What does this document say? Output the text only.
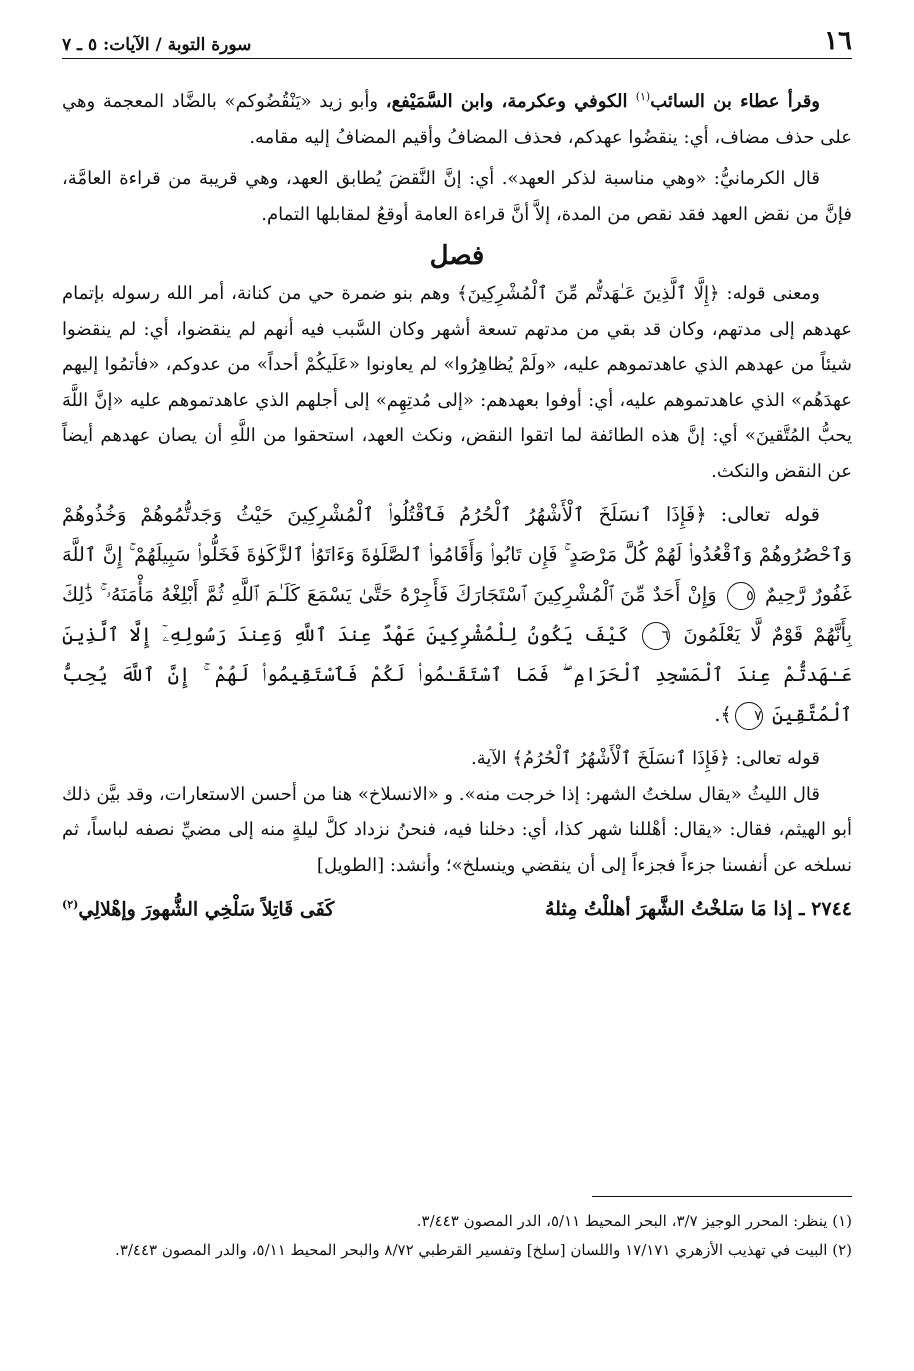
١٦
سورة التوبة / الآيات: ٥ ـ ٧

وقرأ عطاء بن السائب$^{(١)}$ الكوفي وعكرمة، وابن السَّمَيْفع، وأبو زيد «يَنْقُضُوكم» بالضَّاد المعجمة وهي على حذف مضاف، أي: ينقضُوا عهدكم، فحذف المضافُ وأقيم المضافُ إليه مقامه.

قال الكرمانيُّ: «وهي مناسبة لذكر العهد». أي: إنَّ النَّقضَ يُطابق العهد، وهي قريبة من قراءة العامَّة، فإنَّ من نقض العهد فقد نقص من المدة، إلاَّ أنَّ قراءة العامة أوقعُ لمقابلها التمام.

فصل

ومعنى قوله: ﴿إِلَّا ٱلَّذِينَ عَـٰهَدتُّم مِّنَ ٱلْمُشْرِكِينَ﴾ وهم بنو ضمرة حي من كنانة، أمر الله رسوله بإتمام عهدهم إلى مدتهم، وكان قد بقي من مدتهم تسعة أشهر وكان السَّبب فيه أنهم لم ينقضوا، أي: لم ينقضوا شيئاً من عهدهم الذي عاهدتموهم عليه، «ولَمْ يُظاهِرُوا» لم يعاونوا «عَلَيكُمْ أحداً» من عدوكم، «فأتمُوا إليهم عهدَهُم» الذي عاهدتموهم عليه، أي: أوفوا بعهدهم: «إلى مُدتِهِم» إلى أجلهم الذي عاهدتموهم عليه «إنَّ اللَّهَ يحبُّ المُتَّقينَ» أي: إنَّ هذه الطائفة لما اتقوا النقض، ونكث العهد، استحقوا من اللَّهِ أن يصان عهدهم أيضاً عن النقض والنكث.

قوله تعالى: ﴿فَإِذَا ٱنسَلَخَ ٱلْأَشْهُرُ ٱلْحُرُمُ فَٱقْتُلُوا۟ ٱلْمُشْرِكِينَ حَيْثُ وَجَدتُّمُوهُمْ وَخُذُوهُمْ وَٱحْصُرُوهُمْ وَٱقْعُدُوا۟ لَهُمْ كُلَّ مَرْصَدٍ ۚ فَإِن تَابُوا۟ وَأَقَامُوا۟ ٱلصَّلَوٰةَ وَءَاتَوُا۟ ٱلزَّكَوٰةَ فَخَلُّوا۟ سَبِيلَهُمْ ۚ إِنَّ ٱللَّهَ غَفُورٌ رَّحِيمٌ ٥ وَإِنْ أَحَدٌ مِّنَ ٱلْمُشْرِكِينَ ٱسْتَجَارَكَ فَأَجِرْهُ حَتَّىٰ يَسْمَعَ كَلَـٰمَ ٱللَّهِ ثُمَّ أَبْلِغْهُ مَأْمَنَهُۥ ۚ ذَٰلِكَ بِأَنَّهُمْ قَوْمٌ لَّا يَعْلَمُونَ ٦ كَيْفَ يَكُونُ لِلْمُشْرِكِينَ عَهْدٌ عِندَ ٱللَّهِ وَعِندَ رَسُولِهِۦٓ إِلَّا ٱلَّذِينَ عَـٰهَدتُّمْ عِندَ ٱلْمَسْجِدِ ٱلْحَرَامِ ۖ فَمَا ٱسْتَقَـٰمُوا۟ لَكُمْ فَٱسْتَقِيمُوا۟ لَهُمْ ۚ إِنَّ ٱللَّهَ يُحِبُّ ٱلْمُتَّقِينَ ٧﴾.

قوله تعالى: ﴿فَإِذَا ٱنسَلَخَ ٱلْأَشْهُرُ ٱلْحُرُمُ﴾ الآية.

قال الليثُ «يقال سلختُ الشهر: إذا خرجت منه». و «الانسلاخ» هنا من أحسن الاستعارات، وقد بيَّن ذلك أبو الهيثم، فقال: «يقال: أهْللنا شهر كذا، أي: دخلنا فيه، فنحنُ نزداد كلَّ ليلةٍ منه إلى مضيِّ نصفه لباساً، ثم نسلخه عن أنفسنا جزءاً فجزءاً إلى أن ينقضي وينسلخ»؛ وأنشد: [الطويل]

٢٧٤٤ ـ إذا مَا سَلخْتُ الشَّهرَ أهللْتُ مِثلهُ
كَفَى قَاتِلاً سَلْخِي الشُّهورَ وإهْلالِي$^{(٢)}$

(١) ينظر: المحرر الوجيز ٣/٧، البحر المحيط ٥/١١، الدر المصون ٣/٤٤٣.

(٢) البيت في تهذيب الأزهري ١٧/١٧١ واللسان [سلخ] وتفسير القرطبي ٨/٧٢ والبحر المحيط ٥/١١، والدر المصون ٣/٤٤٣.
